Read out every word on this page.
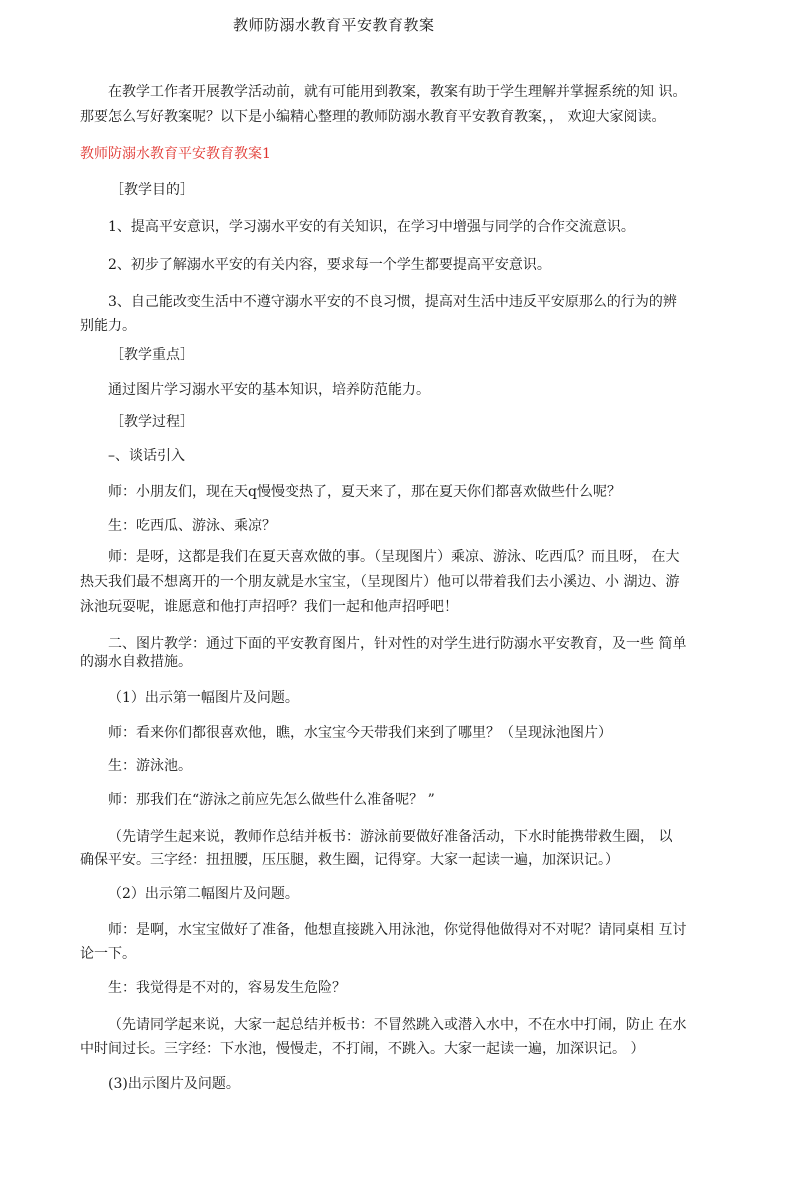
教师防溺水教育平安教育教案
在教学工作者开展教学活动前，就有可能用到教案，教案有助于学生理解并掌握系统的知 识。
那要怎么写好教案呢？以下是小编精心整理的教师防溺水教育平安教育教案，， 欢迎大家阅读。
教师防溺水教育平安教育教案1
［教学目的］
1、提高平安意识，学习溺水平安的有关知识，在学习中增强与同学的合作交流意识。
2、初步了解溺水平安的有关内容，要求每一个学生都要提高平安意识。
3、自己能改变生活中不遵守溺水平安的不良习惯，提高对生活中违反平安原那么的行为的辨
别能力。
［教学重点］
通过图片学习溺水平安的基本知识，培养防范能力。
［教学过程］
–、谈话引入
师：小朋友们，现在天q慢慢变热了，夏天来了，那在夏天你们都喜欢做些什么呢？
生：吃西瓜、游泳、乘凉？
师：是呀，这都是我们在夏天喜欢做的事。（呈现图片）乘凉、游泳、吃西瓜？而且呀， 在大
热天我们最不想离开的一个朋友就是水宝宝，（呈现图片）他可以带着我们去小溪边、小 湖边、游
泳池玩耍呢，谁愿意和他打声招呼？我们一起和他声招呼吧！
二、图片教学：通过下面的平安教育图片，针对性的对学生进行防溺水平安教育，及一些 简单
的溺水自救措施。
（1）出示第一幅图片及问题。
师：看来你们都很喜欢他，瞧，水宝宝今天带我们来到了哪里？（呈现泳池图片）
生：游泳池。
师：那我们在“游泳之前应先怎么做些什么准备呢？ ”
（先请学生起来说，教师作总结并板书：游泳前要做好准备活动，下水时能携带救生圈， 以
确保平安。三字经：扭扭腰，压压腿，救生圈，记得穿。大家一起读一遍，加深识记。）
（2）出示第二幅图片及问题。
师：是啊，水宝宝做好了准备，他想直接跳入用泳池，你觉得他做得对不对呢？请同桌相 互讨
论一下。
生：我觉得是不对的，容易发生危险？
（先请同学起来说，大家一起总结并板书：不冒然跳入或潜入水中，不在水中打闹，防止 在水
中时间过长。三字经：下水池，慢慢走，不打闹，不跳入。大家一起读一遍，加深识记。 ）
(3)出示图片及问题。
